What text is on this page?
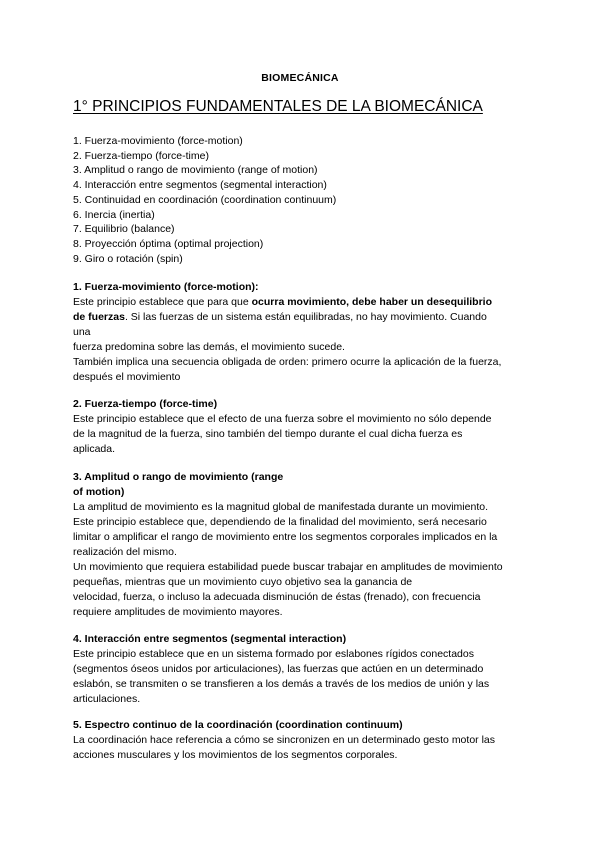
BIOMECÁNICA
1° PRINCIPIOS FUNDAMENTALES DE LA BIOMECÁNICA
1. Fuerza-movimiento (force-motion)
2. Fuerza-tiempo (force-time)
3. Amplitud o rango de movimiento (range of motion)
4. Interacción entre segmentos (segmental interaction)
5. Continuidad en coordinación (coordination continuum)
6. Inercia (inertia)
7. Equilibrio (balance)
8. Proyección óptima (optimal projection)
9. Giro o rotación (spin)
1. Fuerza-movimiento (force-motion):
Este principio establece que para que ocurra movimiento, debe haber un desequilibrio
de fuerzas. Si las fuerzas de un sistema están equilibradas, no hay movimiento. Cuando
una
fuerza predomina sobre las demás, el movimiento sucede.
También implica una secuencia obligada de orden: primero ocurre la aplicación de la fuerza,
después el movimiento
2. Fuerza-tiempo (force-time)
Este principio establece que el efecto de una fuerza sobre el movimiento no sólo depende
de la magnitud de la fuerza, sino también del tiempo durante el cual dicha fuerza es
aplicada.
3. Amplitud o rango de movimiento (range
of motion)
La amplitud de movimiento es la magnitud global de manifestada durante un movimiento.
Este principio establece que, dependiendo de la finalidad del movimiento, será necesario
limitar o amplificar el rango de movimiento entre los segmentos corporales implicados en la
realización del mismo.
Un movimiento que requiera estabilidad puede buscar trabajar en amplitudes de movimiento
pequeñas, mientras que un movimiento cuyo objetivo sea la ganancia de
velocidad, fuerza, o incluso la adecuada disminución de éstas (frenado), con frecuencia
requiere amplitudes de movimiento mayores.
4. Interacción entre segmentos (segmental interaction)
Este principio establece que en un sistema formado por eslabones rígidos conectados
(segmentos óseos unidos por articulaciones), las fuerzas que actúen en un determinado
eslabón, se transmiten o se transfieren a los demás a través de los medios de unión y las
articulaciones.
5. Espectro continuo de la coordinación (coordination continuum)
La coordinación hace referencia a cómo se sincronizen en un determinado gesto motor las
acciones musculares y los movimientos de los segmentos corporales.
